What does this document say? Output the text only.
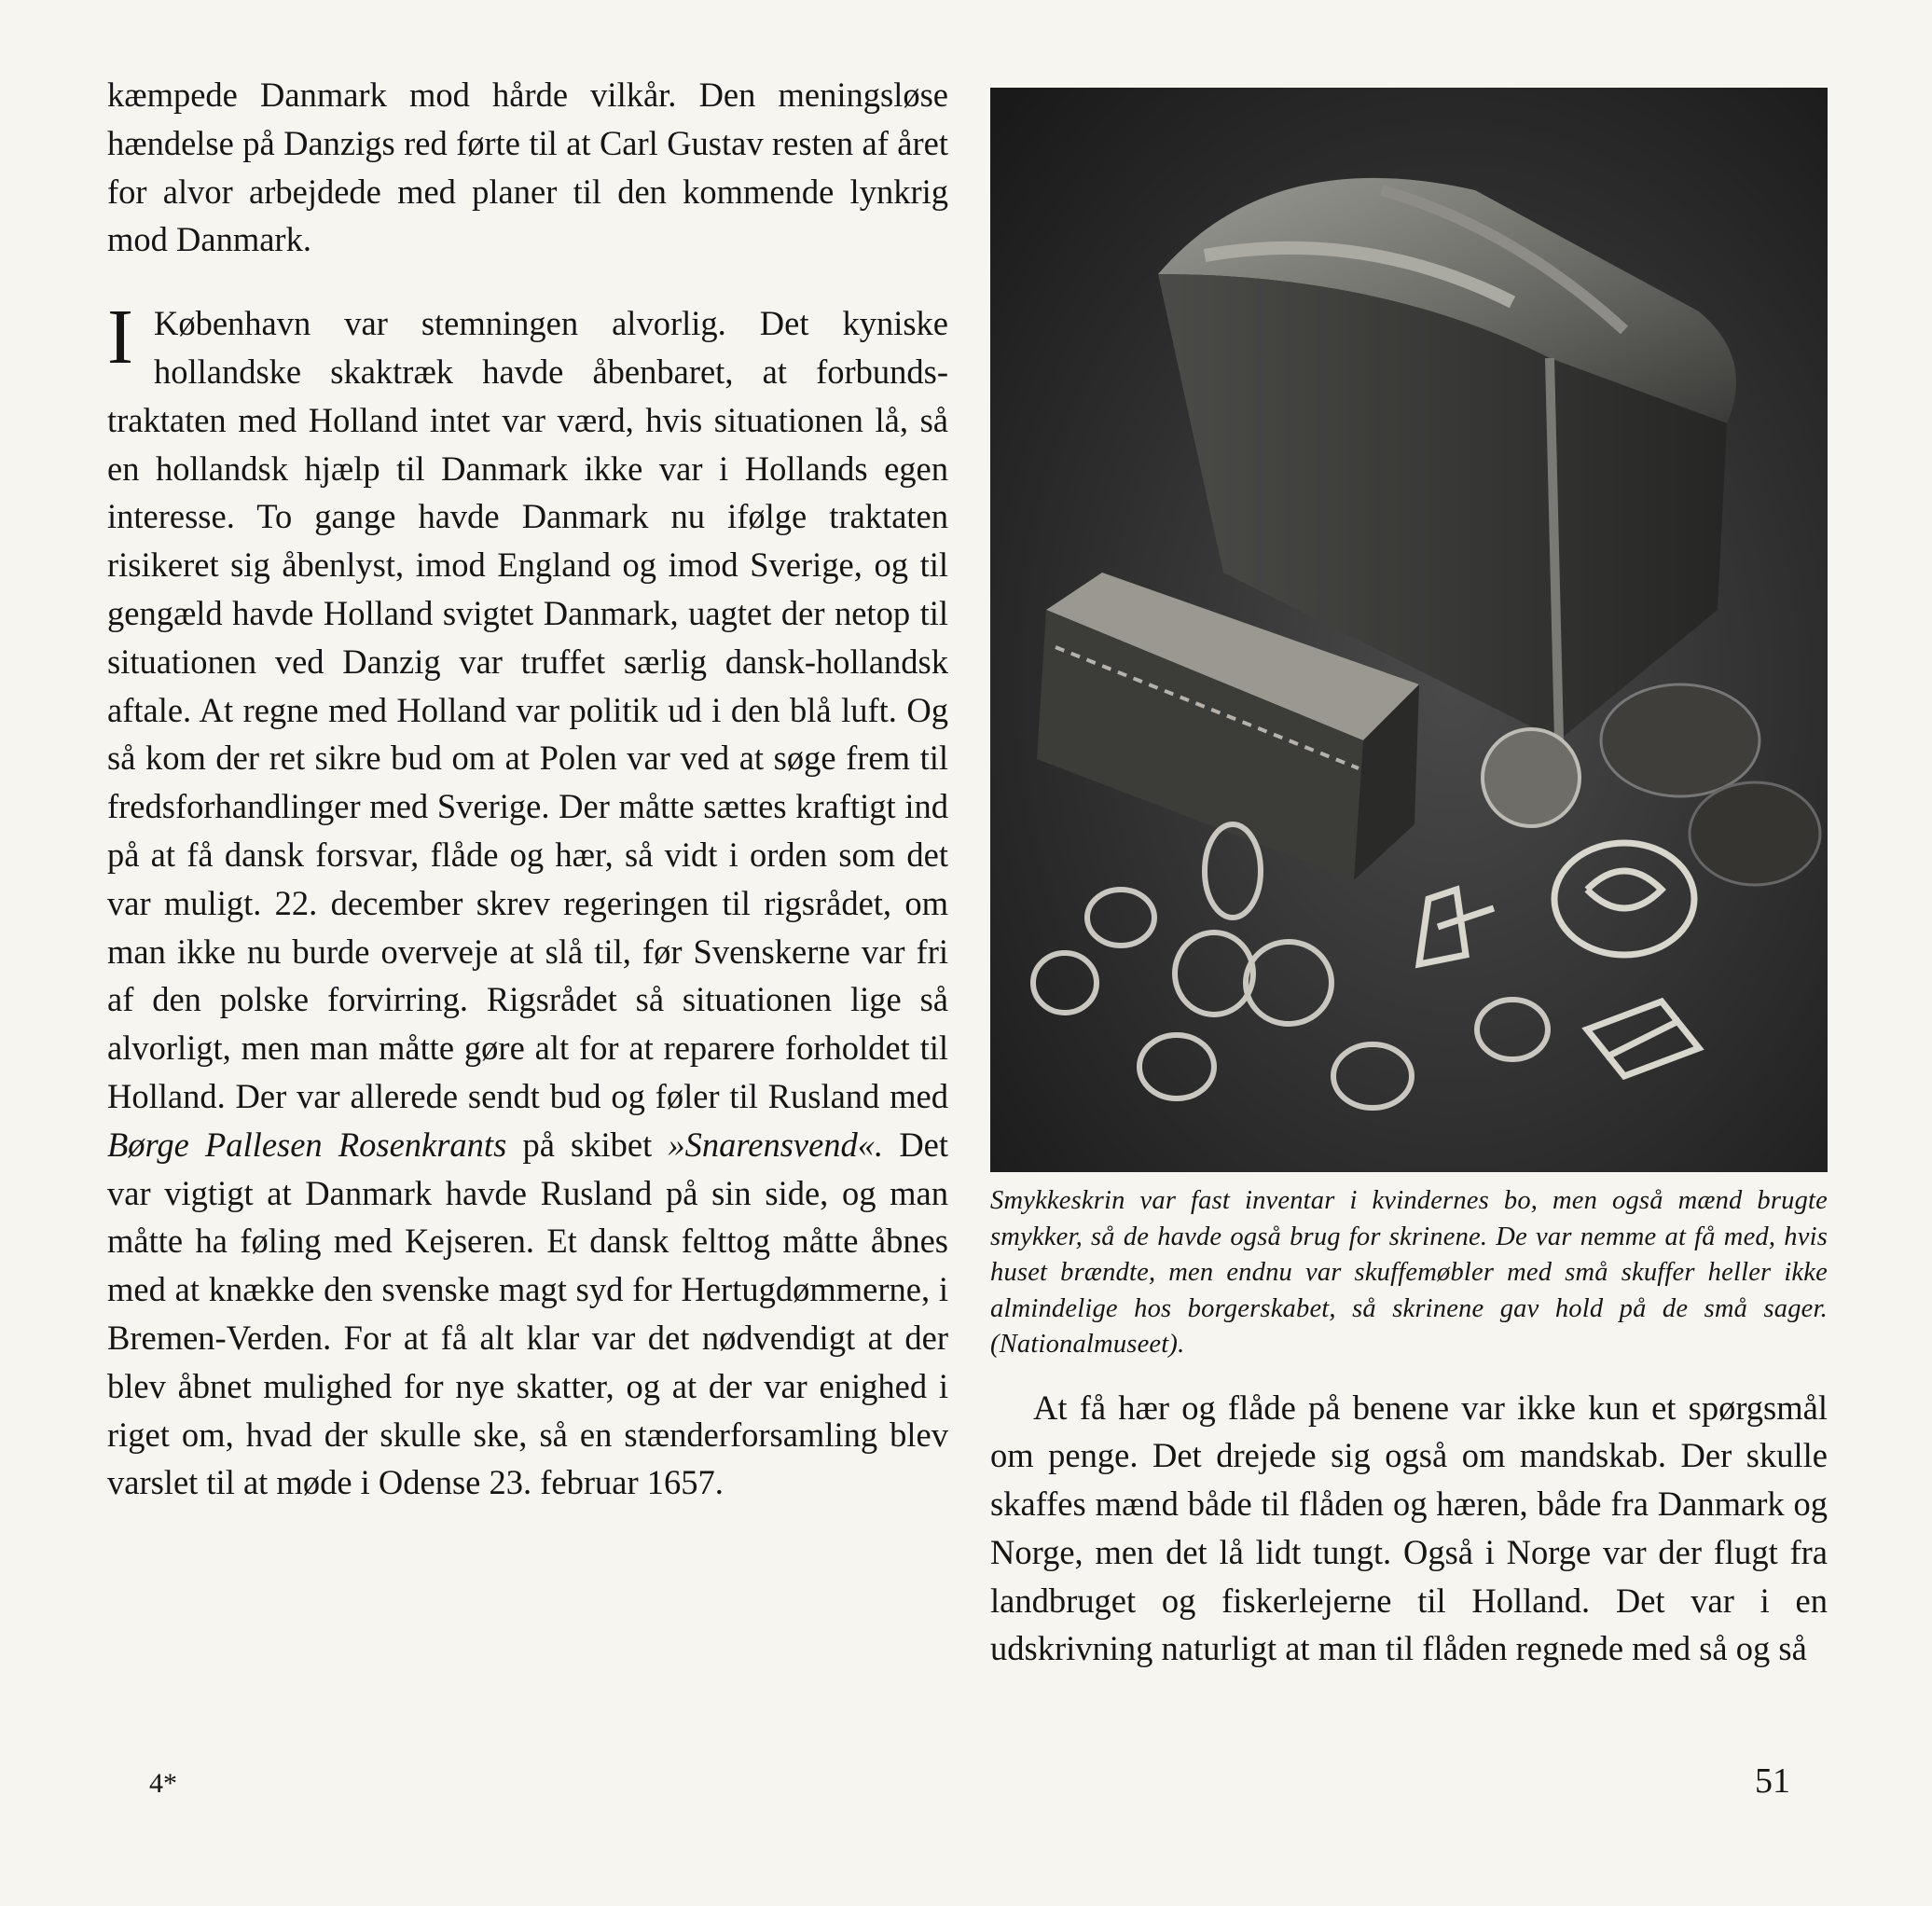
kæmpede Danmark mod hårde vilkår. Den meningsløse hændelse på Danzigs red førte til at Carl Gustav resten af året for alvor arbejdede med planer til den kommende lynkrig mod Danmark.

I København var stemningen alvorlig. Det kyniske hollandske skaktræk havde åbenbaret, at forbundstraktaten med Holland intet var værd, hvis situationen lå, så en hollandsk hjælp til Danmark ikke var i Hollands egen interesse. To gange havde Danmark nu ifølge traktaten risikeret sig åbenlyst, imod England og imod Sverige, og til gengæld havde Holland svigtet Danmark, uagtet der netop til situationen ved Danzig var truffet særlig dansk-hollandsk aftale. At regne med Holland var politik ud i den blå luft. Og så kom der ret sikre bud om at Polen var ved at søge frem til fredsforhandlinger med Sverige. Der måtte sættes kraftigt ind på at få dansk forsvar, flåde og hær, så vidt i orden som det var muligt. 22. december skrev regeringen til rigsrådet, om man ikke nu burde overveje at slå til, før Svenskerne var fri af den polske forvirring. Rigsrådet så situationen lige så alvorligt, men man måtte gøre alt for at reparere forholdet til Holland. Der var allerede sendt bud og føler til Rusland med Børge Pallesen Rosenkrants på skibet »Snarensvend«. Det var vigtigt at Danmark havde Rusland på sin side, og man måtte ha føling med Kejseren. Et dansk felttog måtte åbnes med at knække den svenske magt syd for Hertugdømmerne, i Bremen-Verden. For at få alt klar var det nødvendigt at der blev åbnet mulighed for nye skatter, og at der var enighed i riget om, hvad der skulle ske, så en stænderforsamling blev varslet til at møde i Odense 23. februar 1657.

Smykkeskrin var fast inventar i kvindernes bo, men også mænd brugte smykker, så de havde også brug for skrinene. De var nemme at få med, hvis huset brændte, men endnu var skuffemøbler med små skuffer heller ikke almindelige hos borgerskabet, så skrinene gav hold på de små sager. (Nationalmuseet).
At få hær og flåde på benene var ikke kun et spørgsmål om penge. Det drejede sig også om mandskab. Der skulle skaffes mænd både til flåden og hæren, både fra Danmark og Norge, men det lå lidt tungt. Også i Norge var der flugt fra landbruget og fiskerlejerne til Holland. Det var i en udskrivning naturligt at man til flåden regnede med så og så
4*	51
